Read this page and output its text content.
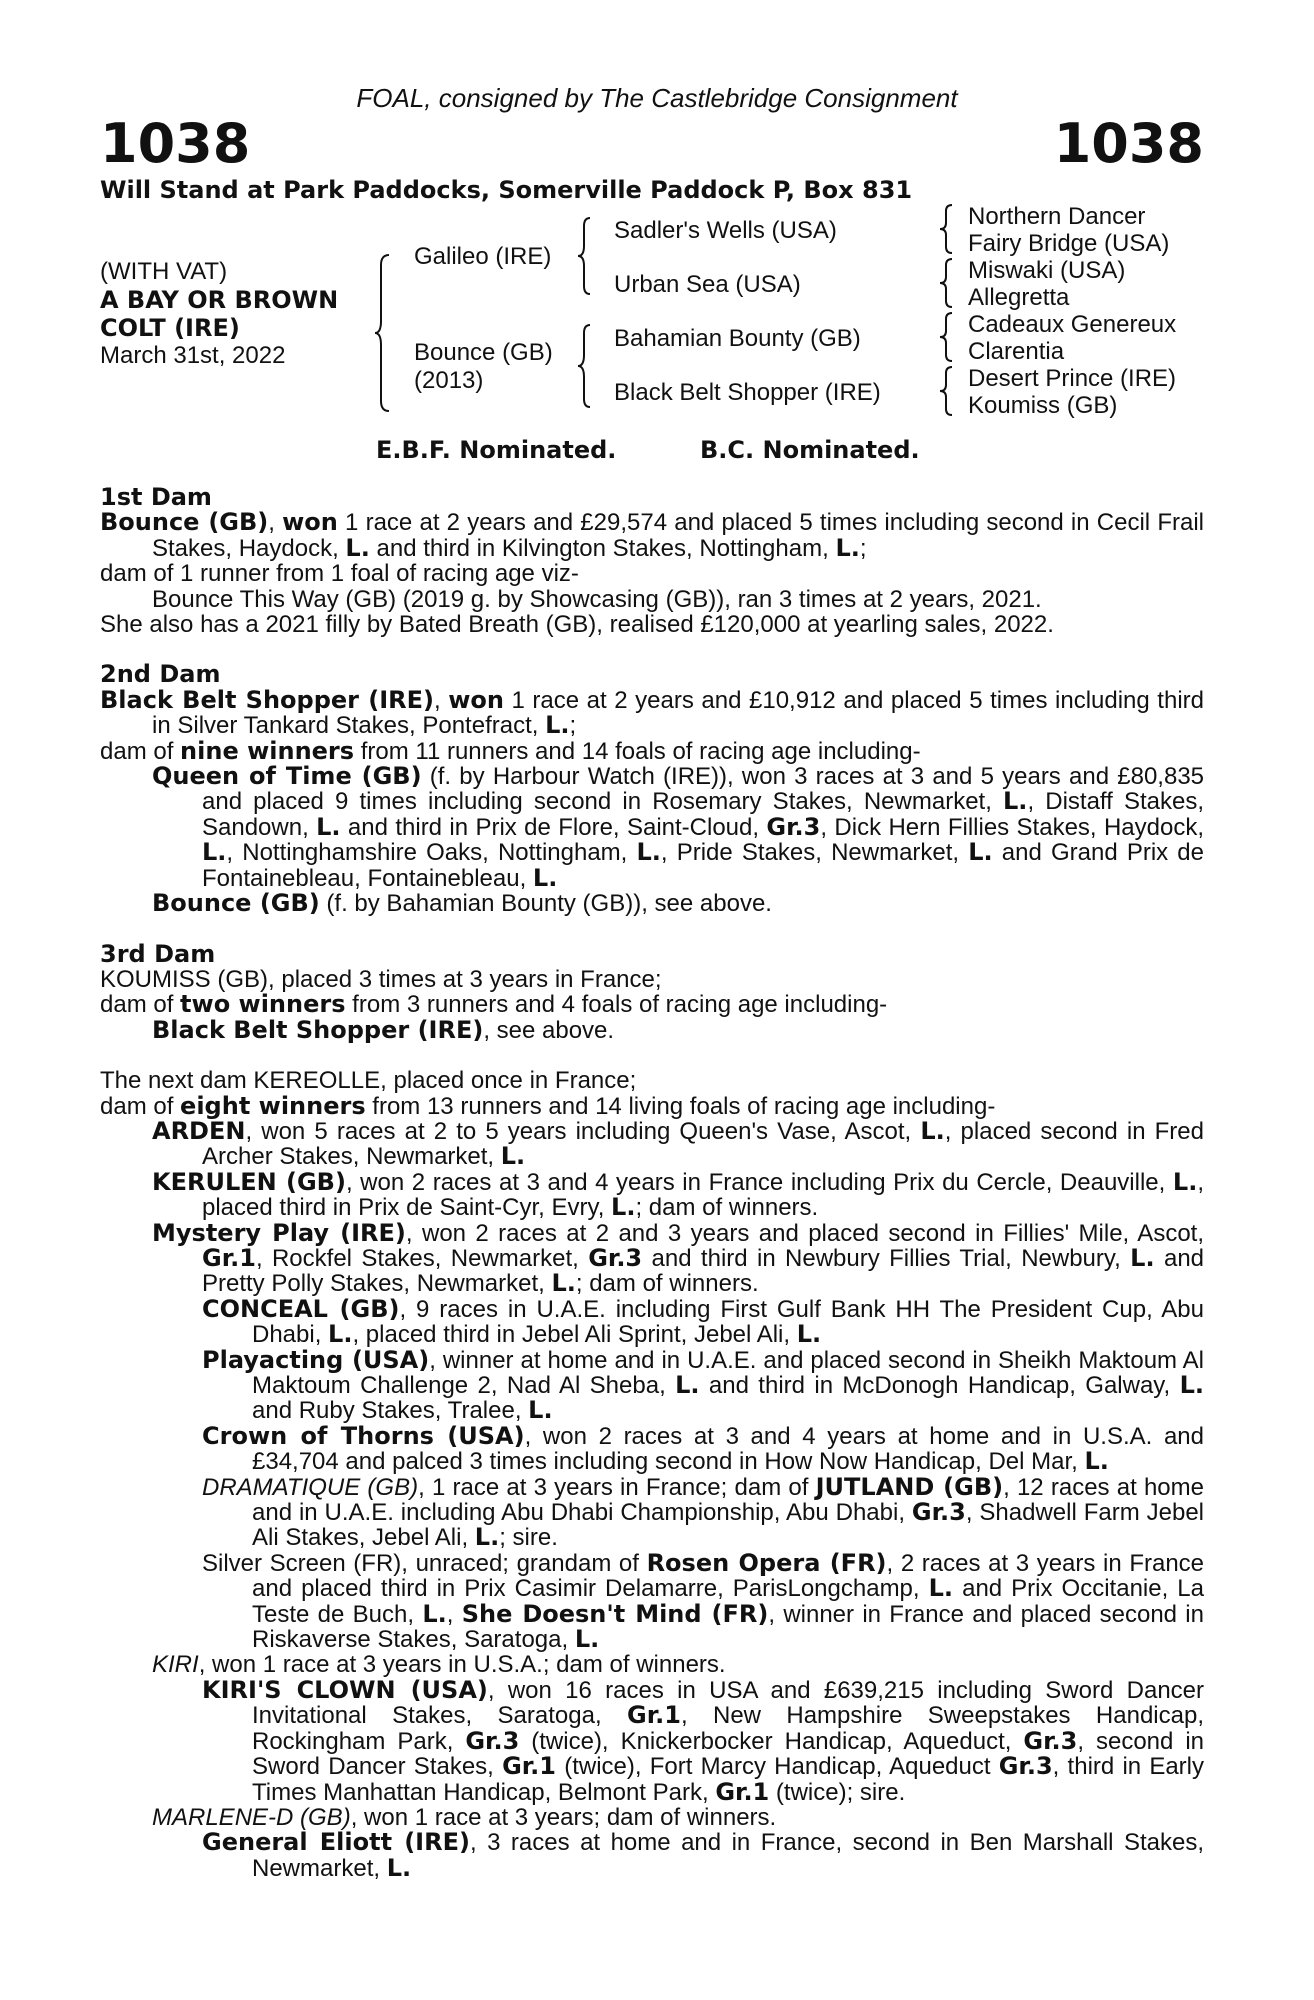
FOAL, consigned by The Castlebridge Consignment
1038	1038
Will Stand at Park Paddocks, Somerville Paddock P, Box 831
(WITH VAT)
A BAY OR BROWN
COLT (IRE)
March 31st, 2022
Galileo (IRE)
Bounce (GB)
(2013)
Sadler's Wells (USA)
Urban Sea (USA)
Bahamian Bounty (GB)
Black Belt Shopper (IRE)
Northern Dancer
Fairy Bridge (USA)
Miswaki (USA)
Allegretta
Cadeaux Genereux
Clarentia
Desert Prince (IRE)
Koumiss (GB)
E.B.F. Nominated.	B.C. Nominated.
1st Dam

Bounce (GB), won 1 race at 2 years and £29,574 and placed 5 times including second in Cecil Frail Stakes, Haydock, L. and third in Kilvington Stakes, Nottingham, L.;

dam of 1 runner from 1 foal of racing age viz-

Bounce This Way (GB) (2019 g. by Showcasing (GB)), ran 3 times at 2 years, 2021.

She also has a 2021 filly by Bated Breath (GB), realised £120,000 at yearling sales, 2022.

2nd Dam

Black Belt Shopper (IRE), won 1 race at 2 years and £10,912 and placed 5 times including third in Silver Tankard Stakes, Pontefract, L.;

dam of nine winners from 11 runners and 14 foals of racing age including-

Queen of Time (GB) (f. by Harbour Watch (IRE)), won 3 races at 3 and 5 years and £80,835 and placed 9 times including second in Rosemary Stakes, Newmarket, L., Distaff Stakes, Sandown, L. and third in Prix de Flore, Saint-Cloud, Gr.3, Dick Hern Fillies Stakes, Haydock, L., Nottinghamshire Oaks, Nottingham, L., Pride Stakes, Newmarket, L. and Grand Prix de Fontainebleau, Fontainebleau, L.

Bounce (GB) (f. by Bahamian Bounty (GB)), see above.

3rd Dam

KOUMISS (GB), placed 3 times at 3 years in France;

dam of two winners from 3 runners and 4 foals of racing age including-

Black Belt Shopper (IRE), see above.

The next dam KEREOLLE, placed once in France;

dam of eight winners from 13 runners and 14 living foals of racing age including-

ARDEN, won 5 races at 2 to 5 years including Queen's Vase, Ascot, L., placed second in Fred Archer Stakes, Newmarket, L.

KERULEN (GB), won 2 races at 3 and 4 years in France including Prix du Cercle, Deauville, L., placed third in Prix de Saint-Cyr, Evry, L.; dam of winners.

Mystery Play (IRE), won 2 races at 2 and 3 years and placed second in Fillies' Mile, Ascot, Gr.1, Rockfel Stakes, Newmarket, Gr.3 and third in Newbury Fillies Trial, Newbury, L. and Pretty Polly Stakes, Newmarket, L.; dam of winners.

CONCEAL (GB), 9 races in U.A.E. including First Gulf Bank HH The President Cup, Abu Dhabi, L., placed third in Jebel Ali Sprint, Jebel Ali, L.

Playacting (USA), winner at home and in U.A.E. and placed second in Sheikh Maktoum Al Maktoum Challenge 2, Nad Al Sheba, L. and third in McDonogh Handicap, Galway, L. and Ruby Stakes, Tralee, L.

Crown of Thorns (USA), won 2 races at 3 and 4 years at home and in U.S.A. and £34,704 and palced 3 times including second in How Now Handicap, Del Mar, L.

DRAMATIQUE (GB), 1 race at 3 years in France; dam of JUTLAND (GB), 12 races at home and in U.A.E. including Abu Dhabi Championship, Abu Dhabi, Gr.3, Shadwell Farm Jebel Ali Stakes, Jebel Ali, L.; sire.

Silver Screen (FR), unraced; grandam of Rosen Opera (FR), 2 races at 3 years in France and placed third in Prix Casimir Delamarre, ParisLongchamp, L. and Prix Occitanie, La Teste de Buch, L., She Doesn't Mind (FR), winner in France and placed second in Riskaverse Stakes, Saratoga, L.

KIRI, won 1 race at 3 years in U.S.A.; dam of winners.

KIRI'S CLOWN (USA), won 16 races in USA and £639,215 including Sword Dancer Invitational Stakes, Saratoga, Gr.1, New Hampshire Sweepstakes Handicap, Rockingham Park, Gr.3 (twice), Knickerbocker Handicap, Aqueduct, Gr.3, second in Sword Dancer Stakes, Gr.1 (twice), Fort Marcy Handicap, Aqueduct Gr.3, third in Early Times Manhattan Handicap, Belmont Park, Gr.1 (twice); sire.

MARLENE-D (GB), won 1 race at 3 years; dam of winners.

General Eliott (IRE), 3 races at home and in France, second in Ben Marshall Stakes, Newmarket, L.
